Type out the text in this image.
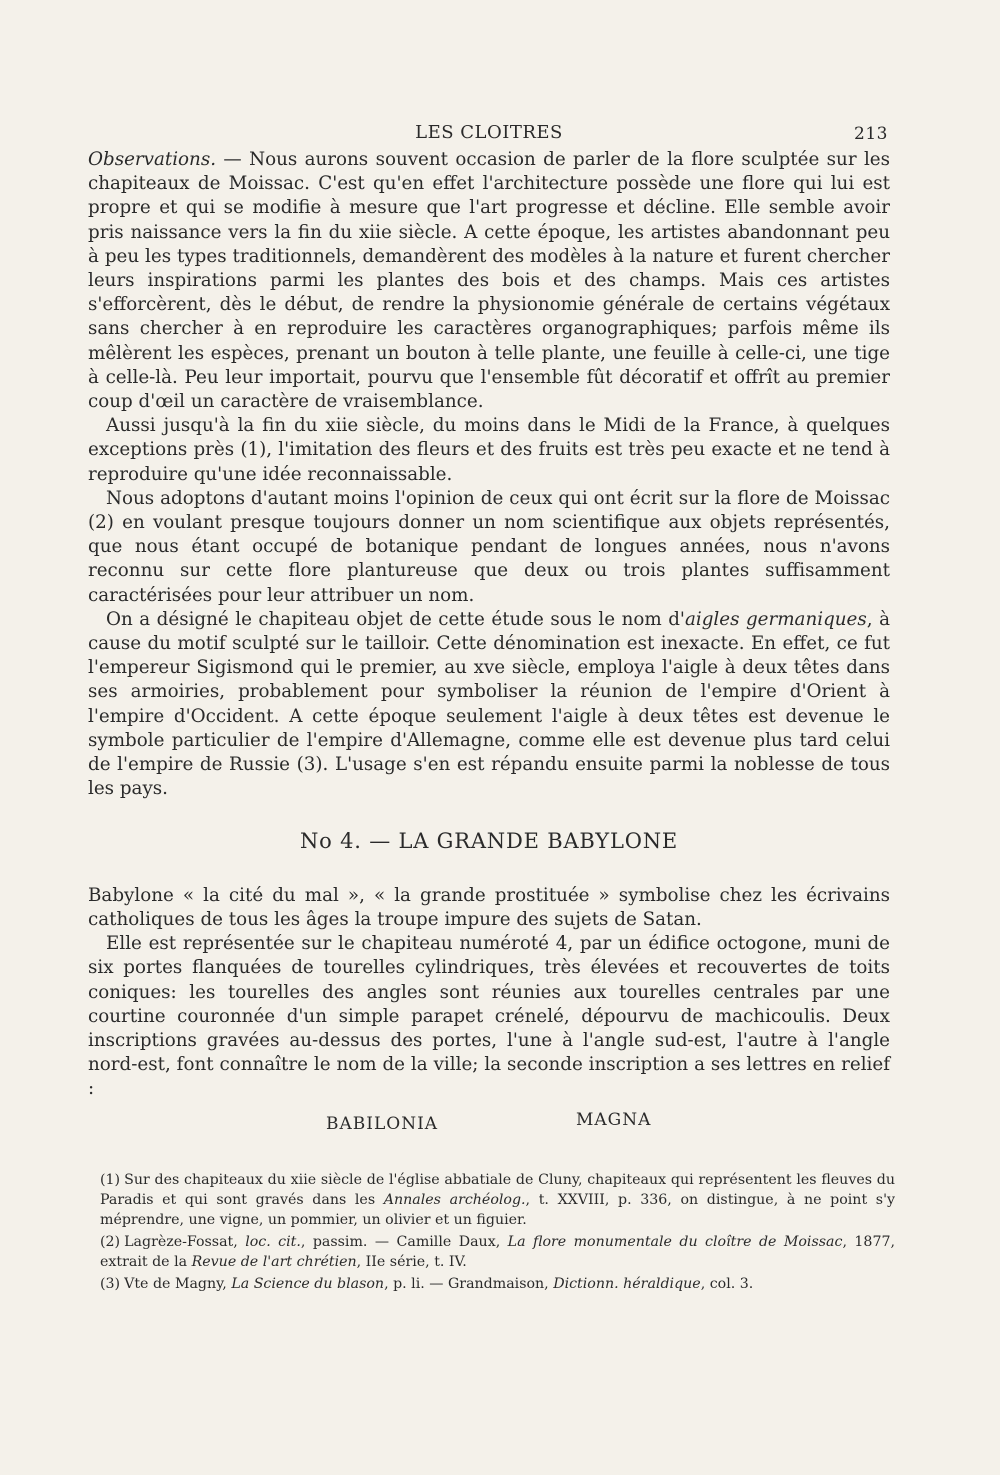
LES CLOITRES	213

Observations. — Nous aurons souvent occasion de parler de la flore sculptée sur les chapiteaux de Moissac. C'est qu'en effet l'architecture possède une flore qui lui est propre et qui se modifie à mesure que l'art progresse et décline. Elle semble avoir pris naissance vers la fin du xiie siècle. A cette époque, les artistes abandonnant peu à peu les types traditionnels, demandèrent des modèles à la nature et furent chercher leurs inspirations parmi les plantes des bois et des champs. Mais ces artistes s'efforcèrent, dès le début, de rendre la physionomie générale de certains végétaux sans chercher à en reproduire les caractères organographiques; parfois même ils mêlèrent les espèces, prenant un bouton à telle plante, une feuille à celle-ci, une tige à celle-là. Peu leur importait, pourvu que l'ensemble fût décoratif et offrît au premier coup d'œil un caractère de vraisemblance.

Aussi jusqu'à la fin du xiie siècle, du moins dans le Midi de la France, à quelques exceptions près (1), l'imitation des fleurs et des fruits est très peu exacte et ne tend à reproduire qu'une idée reconnaissable.

Nous adoptons d'autant moins l'opinion de ceux qui ont écrit sur la flore de Moissac (2) en voulant presque toujours donner un nom scientifique aux objets représentés, que nous étant occupé de botanique pendant de longues années, nous n'avons reconnu sur cette flore plantureuse que deux ou trois plantes suffisamment caractérisées pour leur attribuer un nom.

On a désigné le chapiteau objet de cette étude sous le nom d'aigles germaniques, à cause du motif sculpté sur le tailloir. Cette dénomination est inexacte. En effet, ce fut l'empereur Sigismond qui le premier, au xve siècle, employa l'aigle à deux têtes dans ses armoiries, probablement pour symboliser la réunion de l'empire d'Orient à l'empire d'Occident. A cette époque seulement l'aigle à deux têtes est devenue le symbole particulier de l'empire d'Allemagne, comme elle est devenue plus tard celui de l'empire de Russie (3). L'usage s'en est répandu ensuite parmi la noblesse de tous les pays.

No 4. — LA GRANDE BABYLONE

Babylone « la cité du mal », « la grande prostituée » symbolise chez les écrivains catholiques de tous les âges la troupe impure des sujets de Satan.

Elle est représentée sur le chapiteau numéroté 4, par un édifice octogone, muni de six portes flanquées de tourelles cylindriques, très élevées et recouvertes de toits coniques: les tourelles des angles sont réunies aux tourelles centrales par une courtine couronnée d'un simple parapet crénelé, dépourvu de machicoulis. Deux inscriptions gravées au-dessus des portes, l'une à l'angle sud-est, l'autre à l'angle nord-est, font connaître le nom de la ville; la seconde inscription a ses lettres en relief :

BABILONIA	MAGNA

(1) Sur des chapiteaux du xiie siècle de l'église abbatiale de Cluny, chapiteaux qui représentent les fleuves du Paradis et qui sont gravés dans les Annales archéolog., t. XXVIII, p. 336, on distingue, à ne point s'y méprendre, une vigne, un pommier, un olivier et un figuier.

(2) Lagrèze-Fossat, loc. cit., passim. — Camille Daux, La flore monumentale du cloître de Moissac, 1877, extrait de la Revue de l'art chrétien, IIe série, t. IV.

(3) Vte de Magny, La Science du blason, p. li. — Grandmaison, Dictionn. héraldique, col. 3.
